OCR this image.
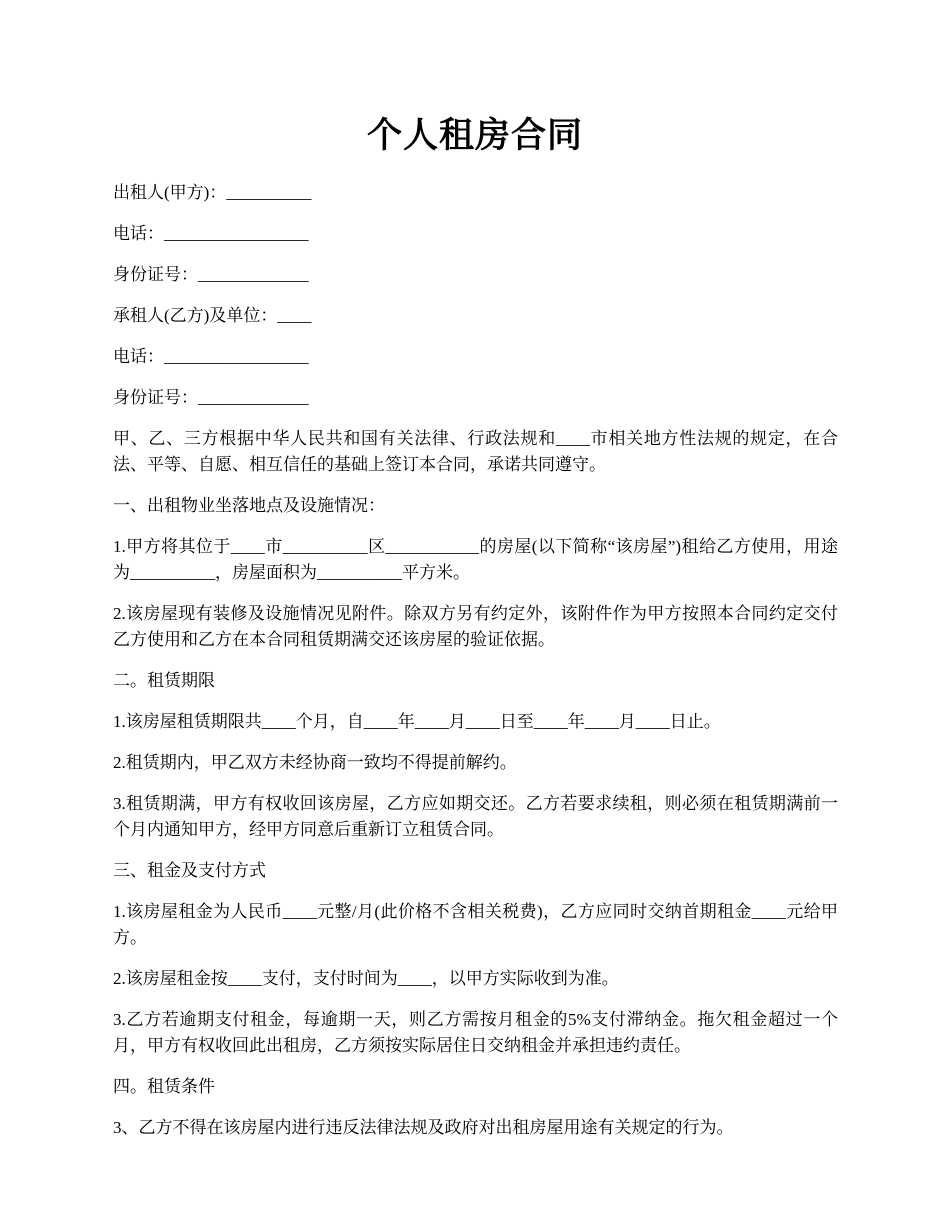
个人租房合同

出租人(甲方)：__________

电话：_________________

身份证号：_____________

承租人(乙方)及单位：____

电话：_________________

身份证号：_____________

甲、乙、三方根据中华人民共和国有关法律、行政法规和____市相关地方性法规的规定，在合法、平等、自愿、相互信任的基础上签订本合同，承诺共同遵守。

一、出租物业坐落地点及设施情况：

1.甲方将其位于____市__________区___________的房屋(以下简称“该房屋”)租给乙方使用，用途为__________，房屋面积为__________平方米。

2.该房屋现有装修及设施情况见附件。除双方另有约定外，该附件作为甲方按照本合同约定交付乙方使用和乙方在本合同租赁期满交还该房屋的验证依据。

二。租赁期限

1.该房屋租赁期限共____个月，自____年____月____日至____年____月____日止。

2.租赁期内，甲乙双方未经协商一致均不得提前解约。

3.租赁期满，甲方有权收回该房屋，乙方应如期交还。乙方若要求续租，则必须在租赁期满前一个月内通知甲方，经甲方同意后重新订立租赁合同。

三、租金及支付方式

1.该房屋租金为人民币____元整/月(此价格不含相关税费)，乙方应同时交纳首期租金____元给甲方。

2.该房屋租金按____支付，支付时间为____，以甲方实际收到为准。

3.乙方若逾期支付租金，每逾期一天，则乙方需按月租金的5%支付滞纳金。拖欠租金超过一个月，甲方有权收回此出租房，乙方须按实际居住日交纳租金并承担违约责任。

四。租赁条件

3、乙方不得在该房屋内进行违反法律法规及政府对出租房屋用途有关规定的行为。
